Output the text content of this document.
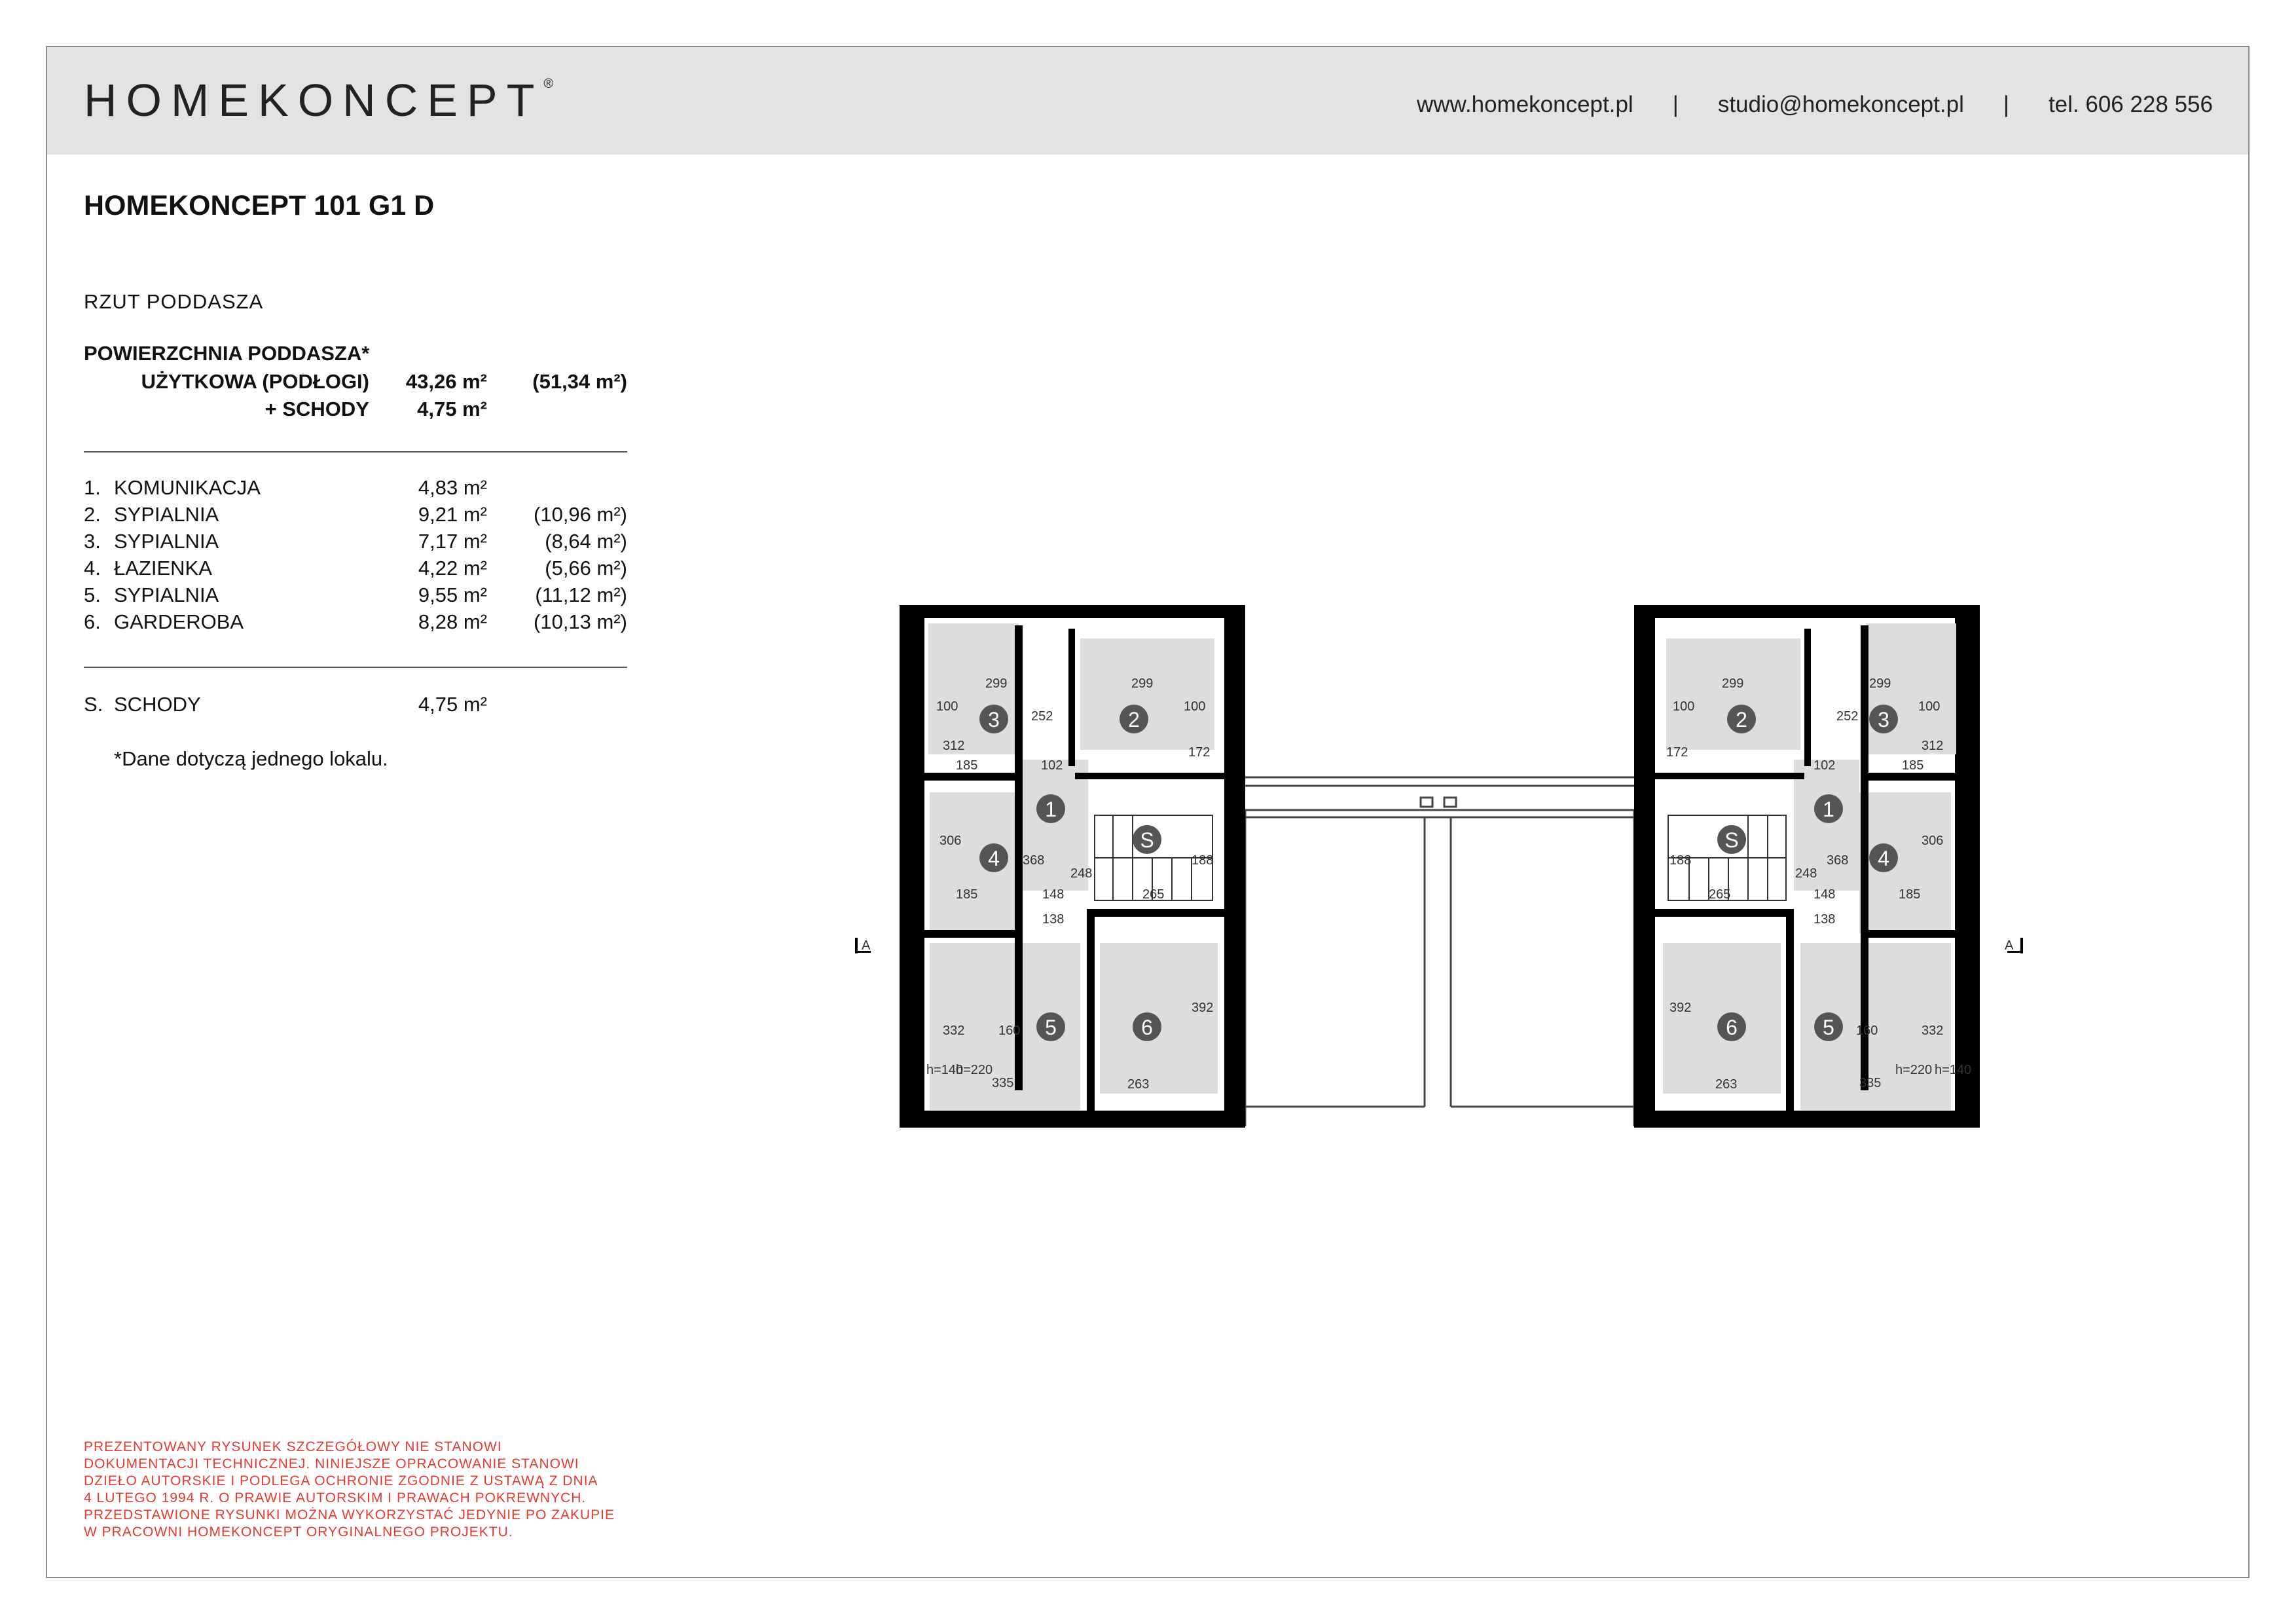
HOMEKONCEPT®
www.homekoncept.pl | studio@homekoncept.pl | tel. 606 228 556
HOMEKONCEPT 101 G1 D
RZUT PODDASZA
POWIERZCHNIA PODDASZA*
UŻYTKOWA (PODŁOGI)	43,26 m²	(51,34 m²)
+ SCHODY	4,75 m²
1. KOMUNIKACJA	4,83 m²
2. SYPIALNIA	9,21 m²	(10,96 m²)
3. SYPIALNIA	7,17 m²	(8,64 m²)
4. ŁAZIENKA	4,22 m²	(5,66 m²)
5. SYPIALNIA	9,55 m²	(11,12 m²)
6. GARDEROBA	8,28 m²	(10,13 m²)
S. SCHODY	4,75 m²
*Dane dotyczą jednego lokalu.
PREZENTOWANY RYSUNEK SZCZEGÓŁOWY NIE STANOWI
DOKUMENTACJI TECHNICZNEJ. NINIEJSZE OPRACOWANIE STANOWI
DZIEŁO AUTORSKIE I PODLEGA OCHRONIE ZGODNIE Z USTAWĄ Z DNIA
4 LUTEGO 1994 R. O PRAWIE AUTORSKIM I PRAWACH POKREWNYCH.
PRZEDSTAWIONE RYSUNKI MOŻNA WYKORZYSTAĆ JEDYNIE PO ZAKUPIE
W PRACOWNI HOMEKONCEPT ORYGINALNEGO PROJEKTU.
3	2
1
S
4
5	6
2	3
1
S
4
6	5
299	299
100	100
252
312
185	102
172
306
368
148
248
265
188
185
138
332	160
392
335	263
h=140
h=220
299	299
100	100
252
312
185
102
172
306
368
148
248
265
188
185
138
332
160
392
335
263
h=140
h=220
A	A
